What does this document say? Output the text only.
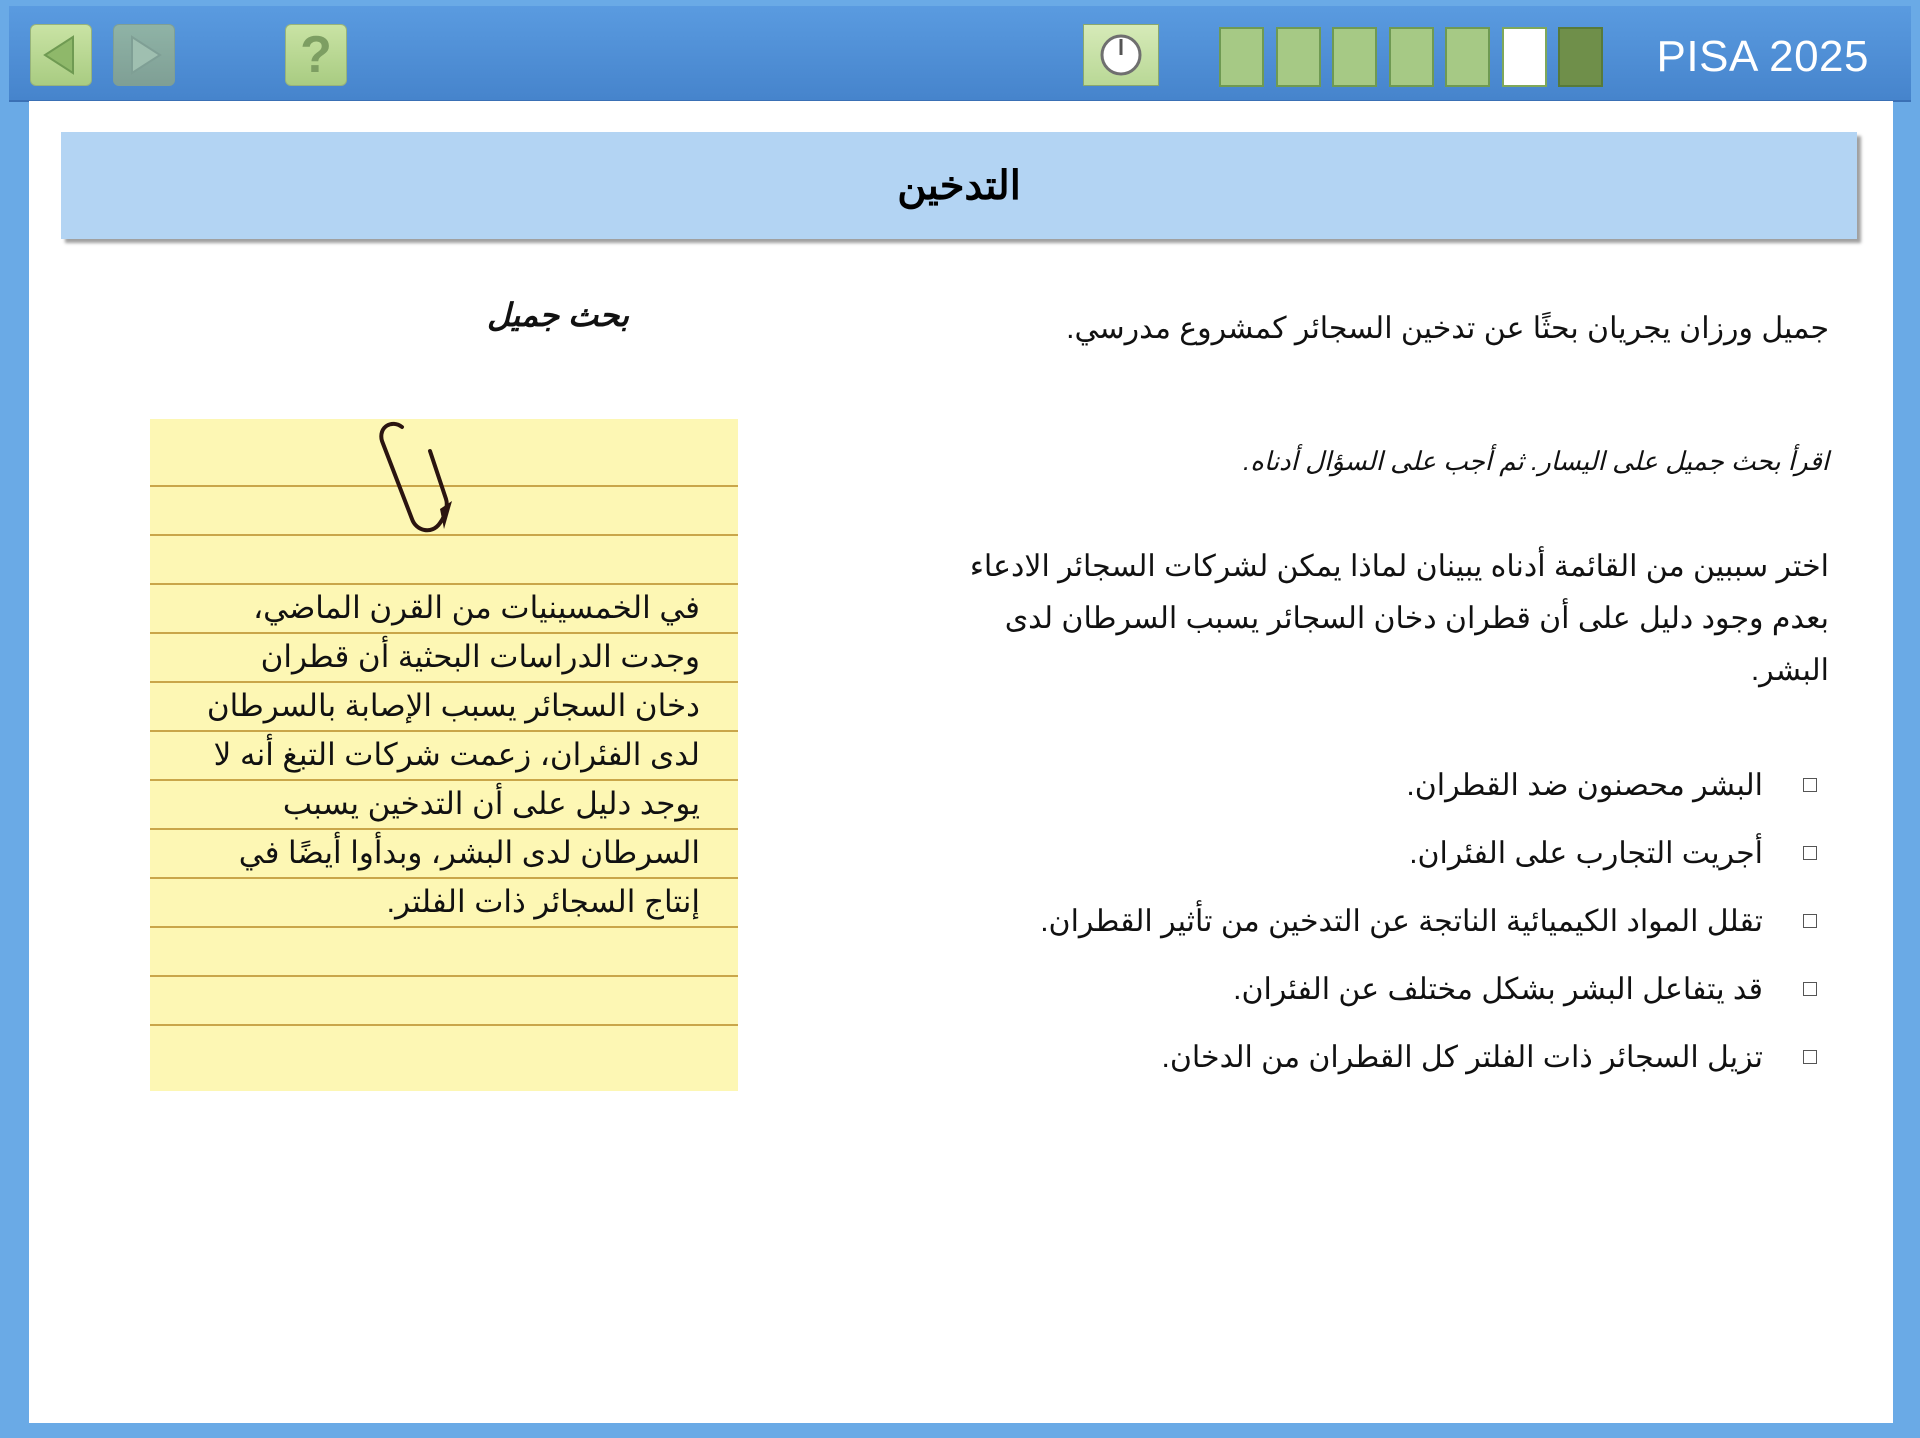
?	PISA 2025
التدخين
جميل ورزان يجريان بحثًا عن تدخين السجائر كمشروع مدرسي.
اقرأ بحث جميل على اليسار. ثم أجب على السؤال أدناه.
اختر سببين من القائمة أدناه يبينان لماذا يمكن لشركات السجائر الادعاء بعدم وجود دليل على أن قطران دخان السجائر يسبب السرطان لدى البشر.
البشر محصنون ضد القطران.
أجريت التجارب على الفئران.
تقلل المواد الكيميائية الناتجة عن التدخين من تأثير القطران.
قد يتفاعل البشر بشكل مختلف عن الفئران.
تزيل السجائر ذات الفلتر كل القطران من الدخان.
بحث جميل
في الخمسينيات من القرن الماضي، وجدت الدراسات البحثية أن قطران دخان السجائر يسبب الإصابة بالسرطان لدى الفئران، زعمت شركات التبغ أنه لا يوجد دليل على أن التدخين يسبب السرطان لدى البشر، وبدأوا أيضًا في إنتاج السجائر ذات الفلتر.
